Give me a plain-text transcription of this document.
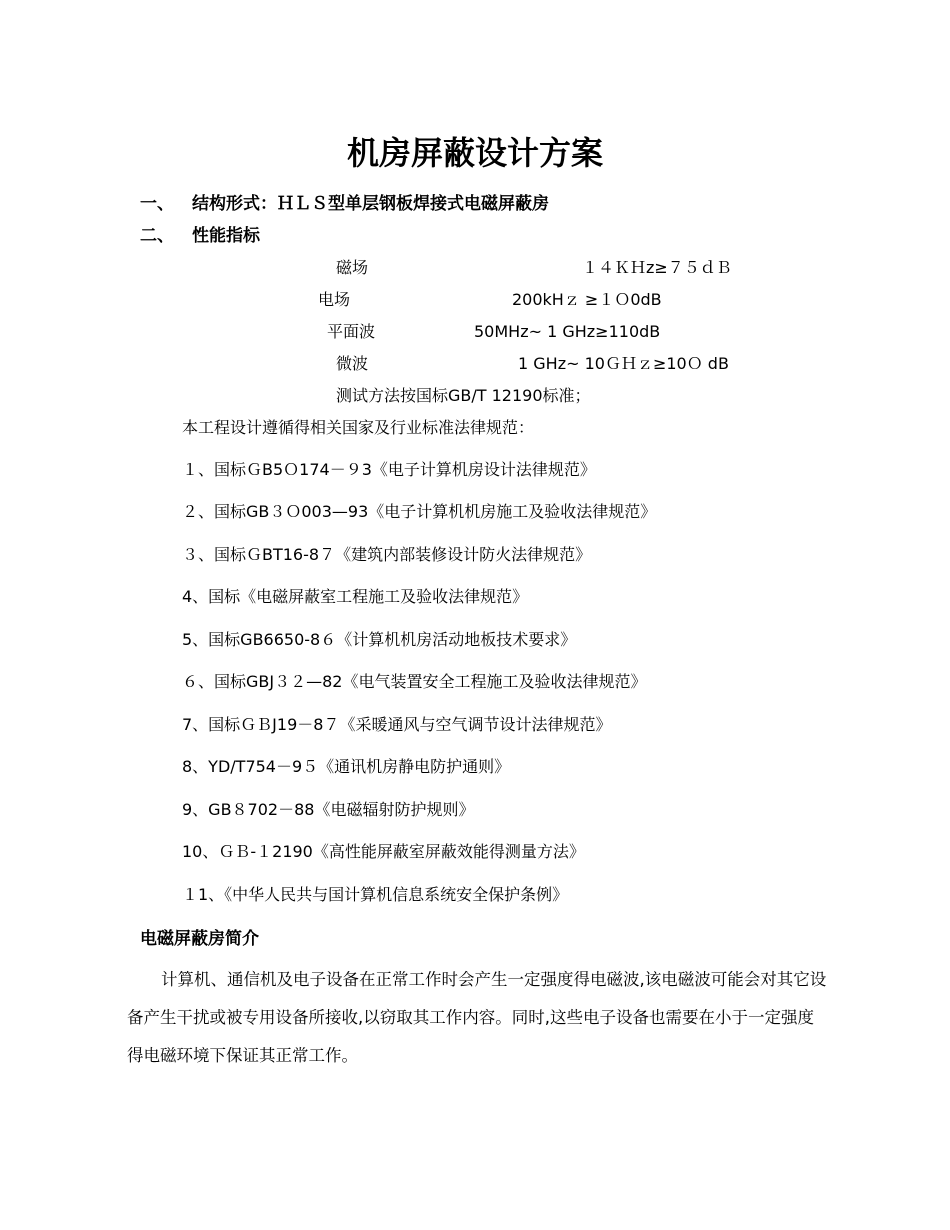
机房屏蔽设计方案
一、 结构形式：ＨＬＳ型单层钢板焊接式电磁屏蔽房
二、 性能指标
磁场	１４ＫＨz≥７５ｄＢ
电场	200kHｚ ≥１Ｏ0dB
平面波	50MHz~ 1 GHz≥110dB
微波	1 GHz~ 10ＧＨｚ≥10Ｏ dB
测试方法按国标GB/T 12190标准；
本工程设计遵循得相关国家及行业标准法律规范：
１、国标ＧB5Ｏ174－９3《电子计算机房设计法律规范》
２、国标GB３Ｏ003—93《电子计算机机房施工及验收法律规范》
３、国标ＧBT16-8７《建筑内部装修设计防火法律规范》
4、国标《电磁屏蔽室工程施工及验收法律规范》
5、国标GB6650-8６《计算机机房活动地板技术要求》
６、国标GBJ３２—82《电气装置安全工程施工及验收法律规范》
7、国标ＧＢJ19－8７《采暖通风与空气调节设计法律规范》
8、YD/T754－9５《通讯机房静电防护通则》
9、GB８702－88《电磁辐射防护规则》
10、ＧＢ-１2190《高性能屏蔽室屏蔽效能得测量方法》
１1、《中华人民共与国计算机信息系统安全保护条例》
电磁屏蔽房简介
计算机、通信机及电子设备在正常工作时会产生一定强度得电磁波,该电磁波可能会对其它设备产生干扰或被专用设备所接收,以窃取其工作内容。同时,这些电子设备也需要在小于一定强度得电磁环境下保证其正常工作。
